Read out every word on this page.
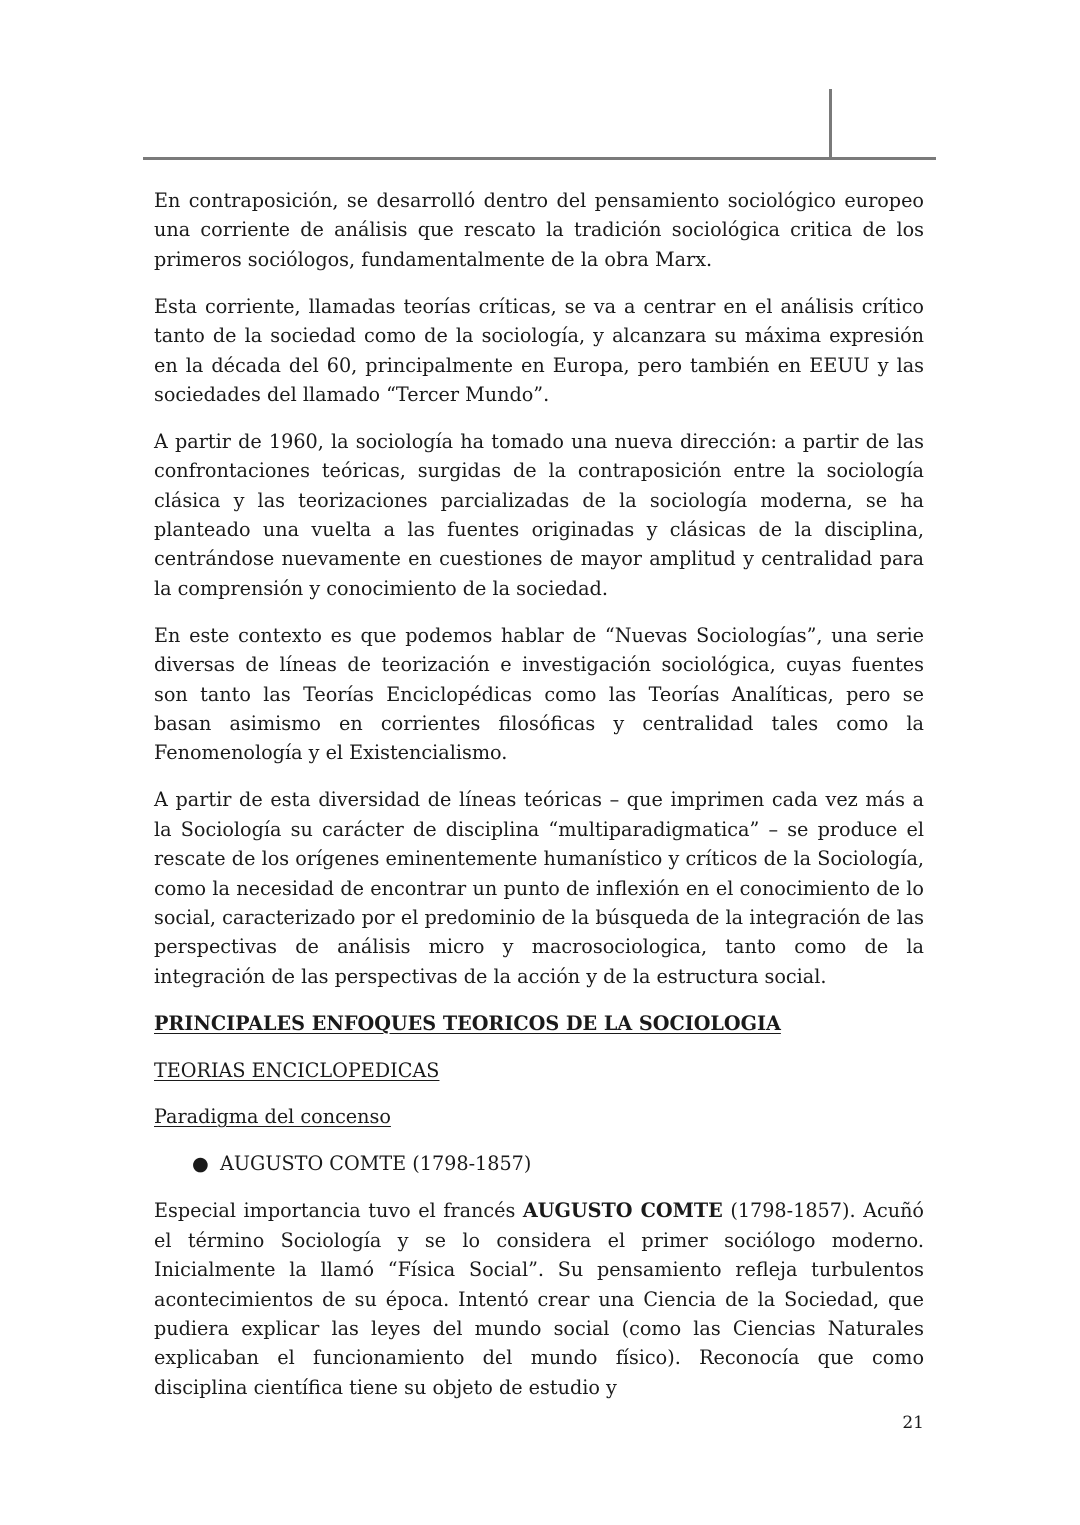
En contraposición, se desarrolló dentro del pensamiento sociológico europeo una corriente de análisis que rescato la tradición sociológica critica de los primeros sociólogos, fundamentalmente de la obra Marx.

Esta corriente, llamadas teorías críticas, se va a centrar en el análisis crítico tanto de la sociedad como de la sociología, y alcanzara su máxima expresión en la década del 60, principalmente en Europa, pero también en EEUU y las sociedades del llamado “Tercer Mundo”.

A partir de 1960, la sociología ha tomado una nueva dirección: a partir de las confrontaciones teóricas, surgidas de la contraposición entre la sociología clásica y las teorizaciones parcializadas de la sociología moderna, se ha planteado una vuelta a las fuentes originadas y clásicas de la disciplina, centrándose nuevamente en cuestiones de mayor amplitud y centralidad para la comprensión y conocimiento de la sociedad.

En este contexto es que podemos hablar de “Nuevas Sociologías”, una serie diversas de líneas de teorización e investigación sociológica, cuyas fuentes son tanto las Teorías Enciclopédicas como las Teorías Analíticas, pero se basan asimismo en corrientes filosóficas y centralidad tales como la Fenomenología y el Existencialismo.

A partir de esta diversidad de líneas teóricas – que imprimen cada vez más a la Sociología su carácter de disciplina “multiparadigmatica” – se produce el rescate de los orígenes eminentemente humanístico y críticos de la Sociología, como la necesidad de encontrar un punto de inflexión en el conocimiento de lo social, caracterizado por el predominio de la búsqueda de la integración de las perspectivas de análisis micro y macrosociologica, tanto como de la integración de las perspectivas de la acción y de la estructura social.

PRINCIPALES ENFOQUES TEORICOS DE LA SOCIOLOGIA
TEORIAS ENCICLOPEDICAS
Paradigma del concenso
● AUGUSTO COMTE (1798-1857)

Especial importancia tuvo el francés AUGUSTO COMTE (1798-1857). Acuñó el término Sociología y se lo considera el primer sociólogo moderno. Inicialmente la llamó “Física Social”. Su pensamiento refleja turbulentos acontecimientos de su época. Intentó crear una Ciencia de la Sociedad, que pudiera explicar las leyes del mundo social (como las Ciencias Naturales explicaban el funcionamiento del mundo físico). Reconocía que como disciplina científica tiene su objeto de estudio y

21
